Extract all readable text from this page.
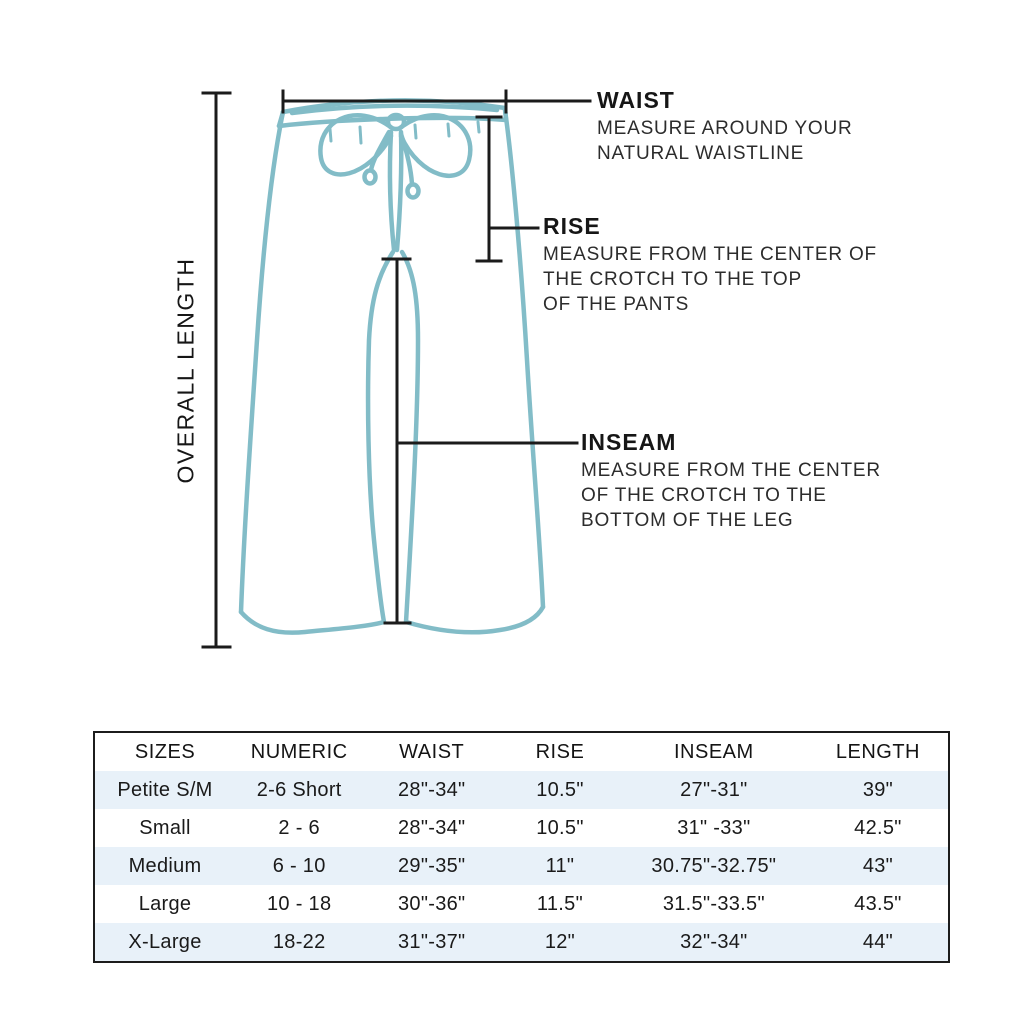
OVERALL LENGTH
WAIST
MEASURE AROUND YOUR
NATURAL WAISTLINE
RISE
MEASURE FROM THE CENTER OF
THE CROTCH TO THE TOP
OF THE PANTS
INSEAM
MEASURE FROM THE CENTER
OF THE CROTCH TO THE
BOTTOM OF THE LEG
SIZES	NUMERIC	WAIST	RISE	INSEAM	LENGTH
Petite S/M	2-6 Short	28"-34"	10.5"	27"-31"	39"
Small	2 - 6	28"-34"	10.5"	31" -33"	42.5"
Medium	6 - 10	29"-35"	11"	30.75"-32.75"	43"
Large	10 - 18	30"-36"	11.5"	31.5"-33.5"	43.5"
X-Large	18-22	31"-37"	12"	32"-34"	44"
